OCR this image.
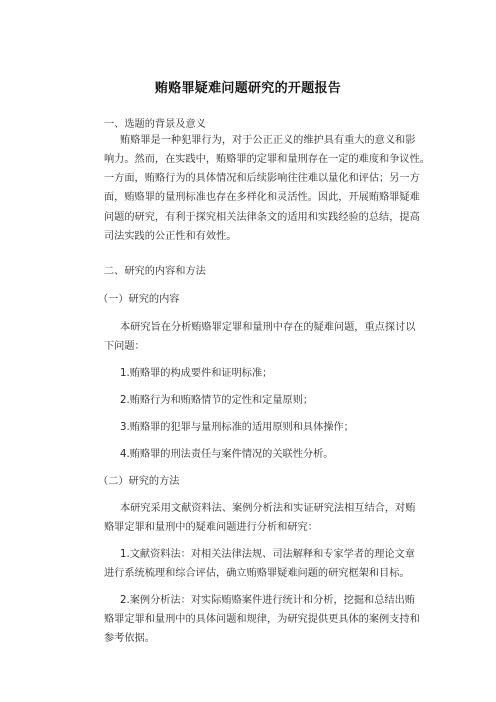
贿赂罪疑难问题研究的开题报告
一、选题的背景及意义
贿赂罪是一种犯罪行为，对于公正正义的维护具有重大的意义和影
响力。然而，在实践中，贿赂罪的定罪和量刑存在一定的难度和争议性。
一方面，贿赂行为的具体情况和后续影响往往难以量化和评估；另一方
面，贿赂罪的量刑标准也存在多样化和灵活性。因此，开展贿赂罪疑难
问题的研究，有利于探究相关法律条文的适用和实践经验的总结，提高
司法实践的公正性和有效性。
二、研究的内容和方法
（一）研究的内容
本研究旨在分析贿赂罪定罪和量刑中存在的疑难问题，重点探讨以
下问题：
1.贿赂罪的构成要件和证明标准；
2.贿赂行为和贿赂情节的定性和定量原则；
3.贿赂罪的犯罪与量刑标准的适用原则和具体操作；
4.贿赂罪的刑法责任与案件情况的关联性分析。
（二）研究的方法
本研究采用文献资料法、案例分析法和实证研究法相互结合，对贿
赂罪定罪和量刑中的疑难问题进行分析和研究：
1.文献资料法：对相关法律法规、司法解释和专家学者的理论文章
进行系统梳理和综合评估，确立贿赂罪疑难问题的研究框架和目标。
2.案例分析法：对实际贿赂案件进行统计和分析，挖掘和总结出贿
赂罪定罪和量刑中的具体问题和规律，为研究提供更具体的案例支持和
参考依据。
